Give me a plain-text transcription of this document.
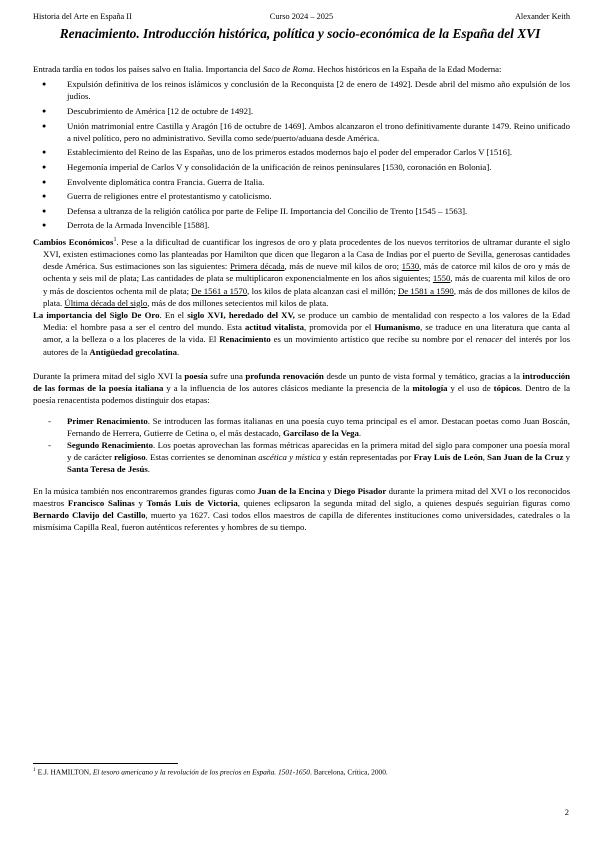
Historia del Arte en España II	Curso 2024 – 2025	Alexander Keith
Renacimiento. Introducción histórica, política y socio-económica de la España del XVI

Entrada tardía en todos los países salvo en Italia. Importancia del Saco de Roma. Hechos históricos en la España de la Edad Moderna:

● Expulsión definitiva de los reinos islámicos y conclusión de la Reconquista [2 de enero de 1492]. Desde abril del mismo año expulsión de los judíos.
● Descubrimiento de América [12 de octubre de 1492].
● Unión matrimonial entre Castilla y Aragón [16 de octubre de 1469]. Ambos alcanzaron el trono definitivamente durante 1479. Reino unificado a nivel político, pero no administrativo. Sevilla como sede/puerto/aduana desde América.
● Establecimiento del Reino de las Españas, uno de los primeros estados modernos bajo el poder del emperador Carlos V [1516].
● Hegemonía imperial de Carlos V y consolidación de la unificación de reinos peninsulares [1530, coronación en Bolonia].
● Envolvente diplomática contra Francia. Guerra de Italia.
● Guerra de religiones entre el protestantismo y catolicismo.
● Defensa a ultranza de la religión católica por parte de Felipe II. Importancia del Concilio de Trento [1545 – 1563].
● Derrota de la Armada Invencible [1588].

Cambios Económicos$^1$. Pese a la dificultad de cuantificar los ingresos de oro y plata procedentes de los nuevos territorios de ultramar durante el siglo XVI, existen estimaciones como las planteadas por Hamilton que dicen que llegaron a la Casa de Indias por el puerto de Sevilla, generosas cantidades desde América. Sus estimaciones son las siguientes: Primera década, más de nueve mil kilos de oro; 1530, más de catorce mil kilos de oro y más de ochenta y seis mil de plata; Las cantidades de plata se multiplicaron exponencialmente en los años siguientes; 1550, más de cuarenta mil kilos de oro y más de doscientos ochenta mil de plata; De 1561 a 1570, los kilos de plata alcanzan casi el millón; De 1581 a 1590, más de dos millones de kilos de plata. Última década del siglo, más de dos millones setecientos mil kilos de plata.

La importancia del Siglo De Oro. En el siglo XVI, heredado del XV, se produce un cambio de mentalidad con respecto a los valores de la Edad Media: el hombre pasa a ser el centro del mundo. Esta actitud vitalista, promovida por el Humanismo, se traduce en una literatura que canta al amor, a la belleza o a los placeres de la vida. El Renacimiento es un movimiento artístico que recibe su nombre por el renacer del interés por los autores de la Antigüedad grecolatina.

Durante la primera mitad del siglo XVI la poesía sufre una profunda renovación desde un punto de vista formal y temático, gracias a la introducción de las formas de la poesía italiana y a la influencia de los autores clásicos mediante la presencia de la mitología y el uso de tópicos. Dentro de la poesía renacentista podemos distinguir dos etapas:

- Primer Renacimiento. Se introducen las formas italianas en una poesía cuyo tema principal es el amor. Destacan poetas como Juan Boscán, Fernando de Herrera, Gutierre de Cetina o, el más destacado, Garcilaso de la Vega.
- Segundo Renacimiento. Los poetas aprovechan las formas métricas aparecidas en la primera mitad del siglo para componer una poesía moral y de carácter religioso. Estas corrientes se denominan ascética y mística y están representadas por Fray Luis de León, San Juan de la Cruz y Santa Teresa de Jesús.

En la música también nos encontraremos grandes figuras como Juan de la Encina y Diego Pisador durante la primera mitad del XVI o los reconocidos maestros Francisco Salinas y Tomás Luis de Victoria, quienes eclipsaron la segunda mitad del siglo, a quienes después seguirían figuras como Bernardo Clavijo del Castillo, muerto ya 1627. Casi todos ellos maestros de capilla de diferentes instituciones como universidades, catedrales o la mismísima Capilla Real, fueron auténticos referentes y hombres de su tiempo.

$^1$ E.J. HAMILTON, El tesoro americano y la revolución de los precios en España. 1501-1650. Barcelona, Crítica, 2000.
2
